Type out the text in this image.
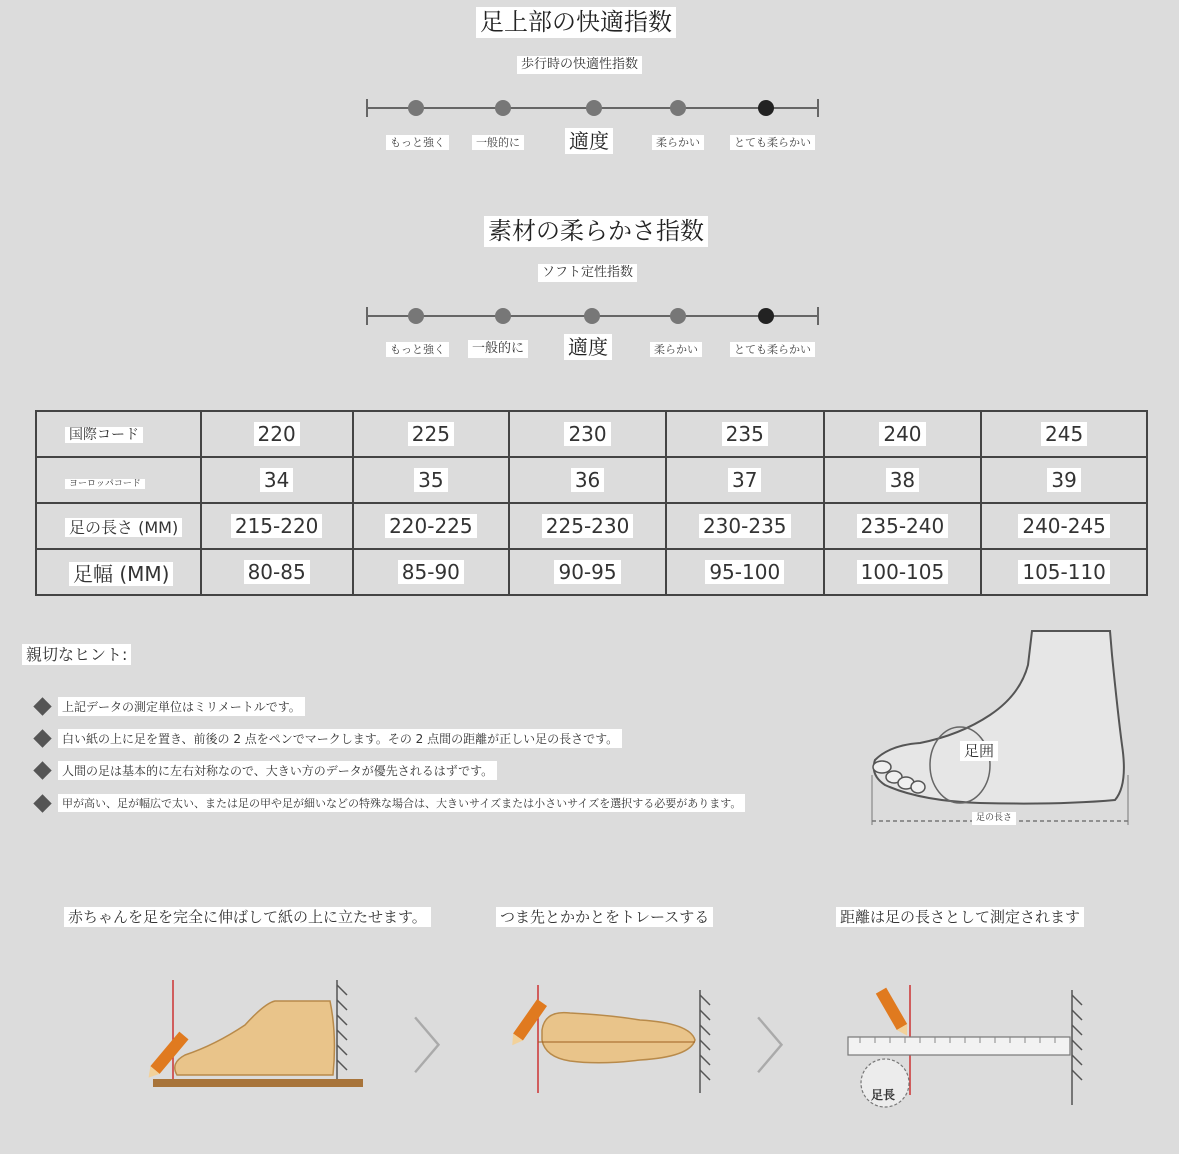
足上部の快適指数
歩行時の快適性指数
もっと強く	一般的に 適度	柔らかい	とても柔らかい
素材の柔らかさ指数
ソフト定性指数
もっと強く	一般的に 適度	柔らかい	とても柔らかい
国際コード	220	225	230	235	240	245
ヨーロッパコード	34	35	36	37	38	39
足の長さ (MM)	215-220	220-225	225-230	230-235	235-240	240-245
足幅 (MM)	80-85	85-90	90-95	95-100	100-105	105-110
親切なヒント:
上記データの測定単位はミリメートルです。
白い紙の上に足を置き、前後の 2 点をペンでマークします。その 2 点間の距離が正しい足の長さです。
人間の足は基本的に左右対称なので、大きい方のデータが優先されるはずです。
甲が高い、足が幅広で太い、または足の甲や足が細いなどの特殊な場合は、大きいサイズまたは小さいサイズを選択する必要があります。
足囲
足の長さ
赤ちゃんを足を完全に伸ばして紙の上に立たせます。	つま先とかかとをトレースする	距離は足の長さとして測定されます
〉	〉
足長
